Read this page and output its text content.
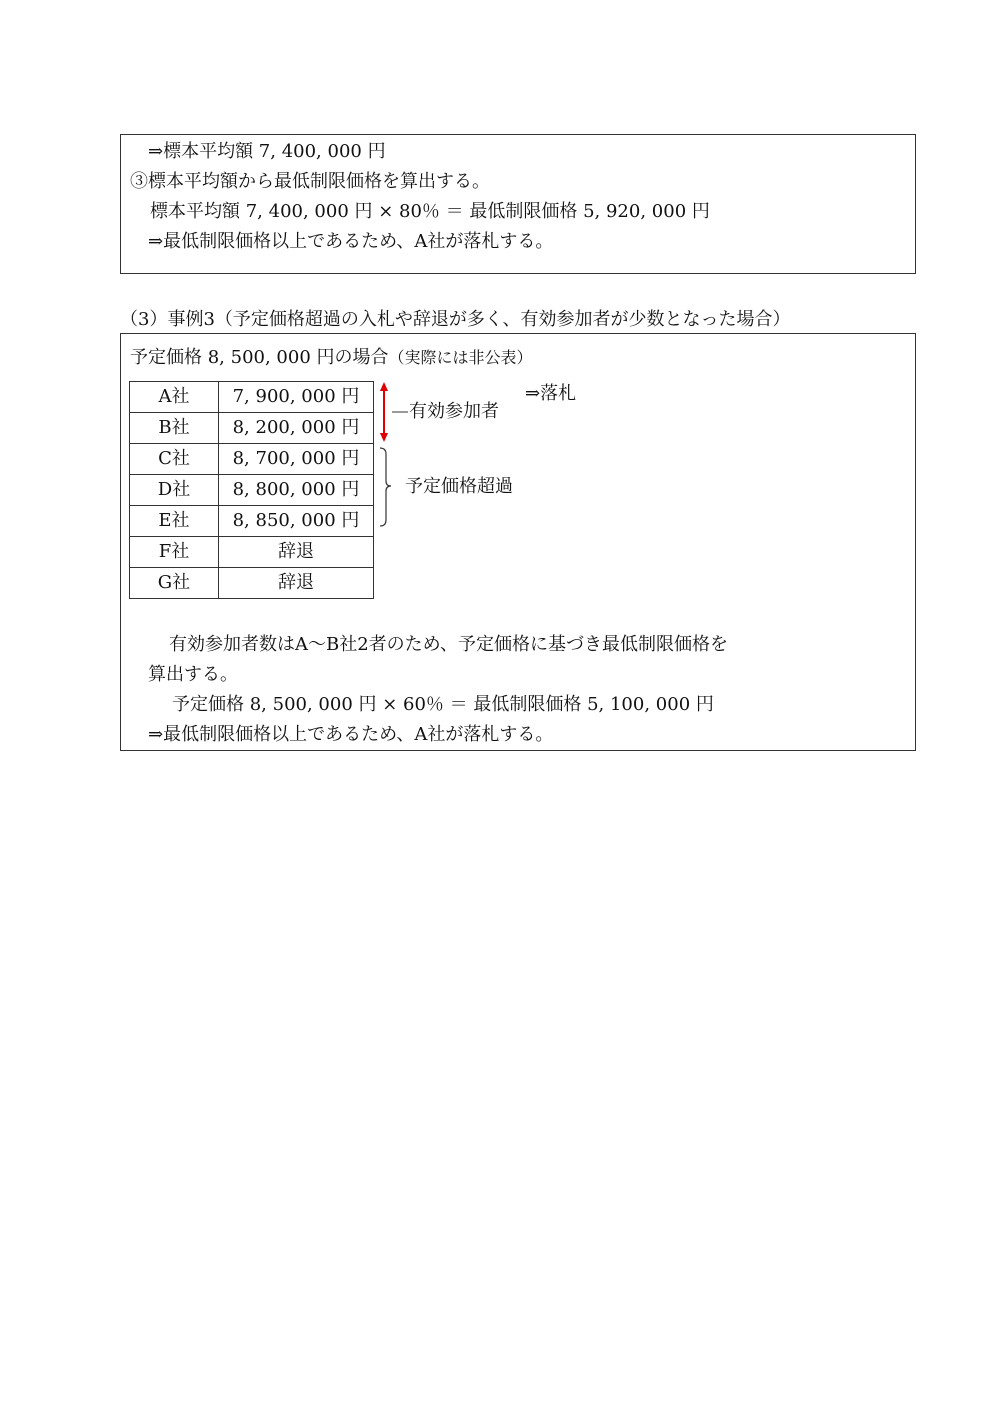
⇒標本平均額 7, 400, 000 円
③標本平均額から最低制限価格を算出する。
標本平均額 7, 400, 000 円 × 80％ ＝ 最低制限価格 5, 920, 000 円
⇒最低制限価格以上であるため、A社が落札する。
（3）事例3（予定価格超過の入札や辞退が多く、有効参加者が少数となった場合）
予定価格 8, 500, 000 円の場合（実際には非公表）
A社	7, 900, 000 円
B社	8, 200, 000 円
C社	8, 700, 000 円
D社	8, 800, 000 円
E社	8, 850, 000 円
F社	辞退
G社	辞退
有効参加者
⇒落札
予定価格超過
有効参加者数はA～B社2者のため、予定価格に基づき最低制限価格を
算出する。
予定価格 8, 500, 000 円 × 60％ ＝ 最低制限価格 5, 100, 000 円
⇒最低制限価格以上であるため、A社が落札する。
